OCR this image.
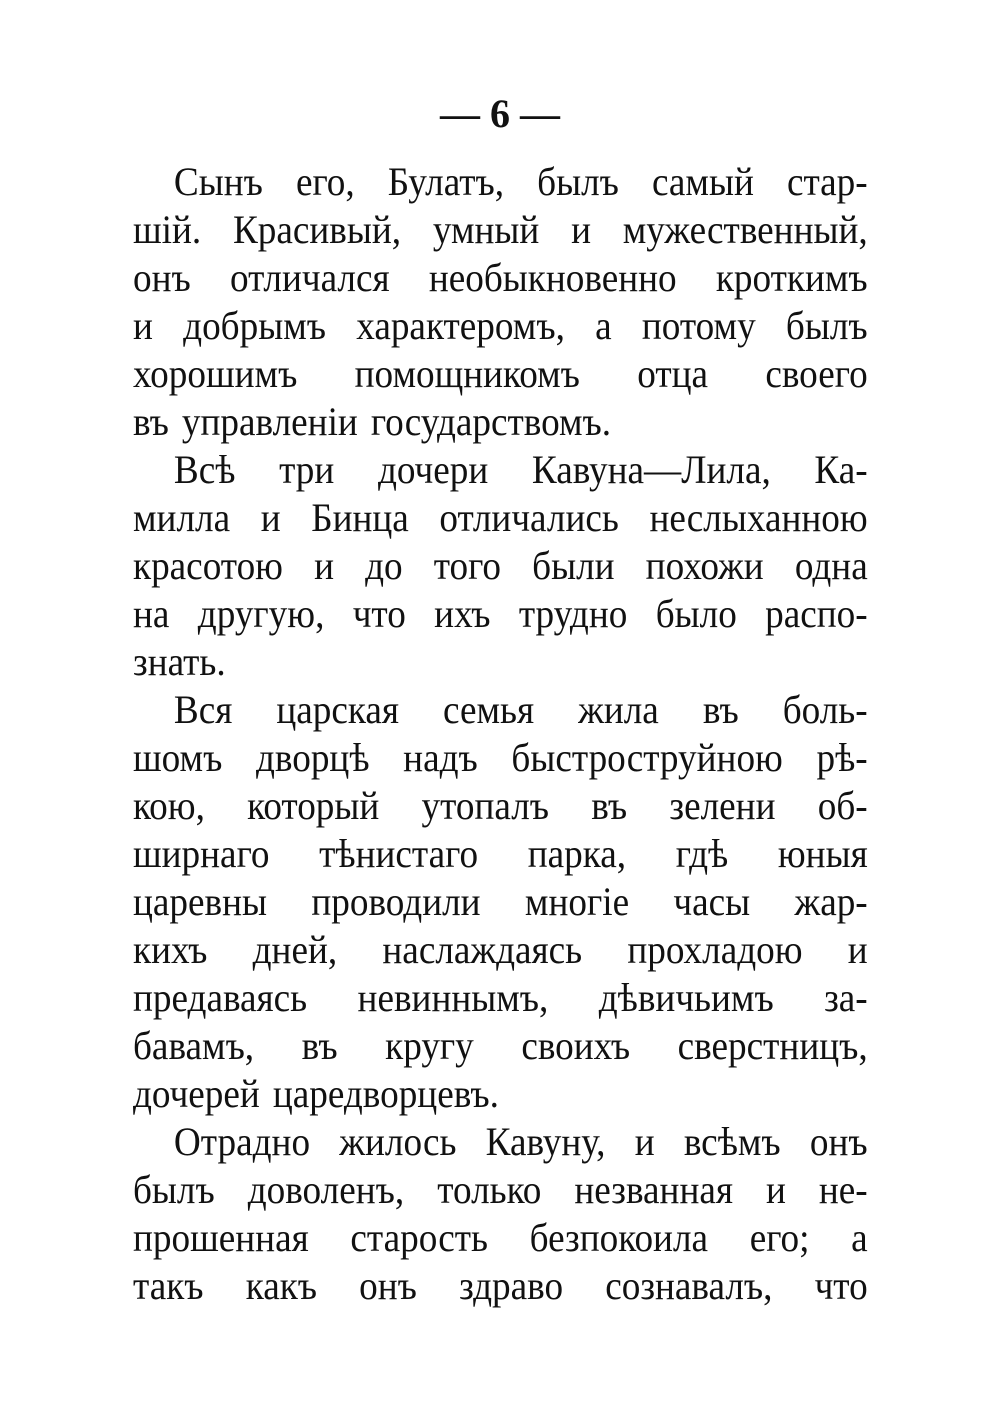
— 6 —
Сынъ его, Булатъ, былъ самый стар-
шій. Красивый, умный и мужественный,
онъ отличался необыкновенно кроткимъ
и добрымъ характеромъ, а потому былъ
хорошимъ помощникомъ отца своего
въ управленіи государствомъ.
Всѣ три дочери Кавуна—Лила, Ка-
милла и Бинца отличались неслыханною
красотою и до того были похожи одна
на другую, что ихъ трудно было распо-
знать.
Вся царская семья жила въ боль-
шомъ дворцѣ надъ быстроструйною рѣ-
кою, который утопалъ въ зелени об-
ширнаго тѣнистаго парка, гдѣ юныя
царевны проводили многіе часы жар-
кихъ дней, наслаждаясь прохладою и
предаваясь невиннымъ, дѣвичьимъ за-
бавамъ, въ кругу своихъ сверстницъ,
дочерей царедворцевъ.
Отрадно жилось Кавуну, и всѣмъ онъ
былъ доволенъ, только незванная и не-
прошенная старость безпокоила его; а
такъ какъ онъ здраво сознавалъ, что
